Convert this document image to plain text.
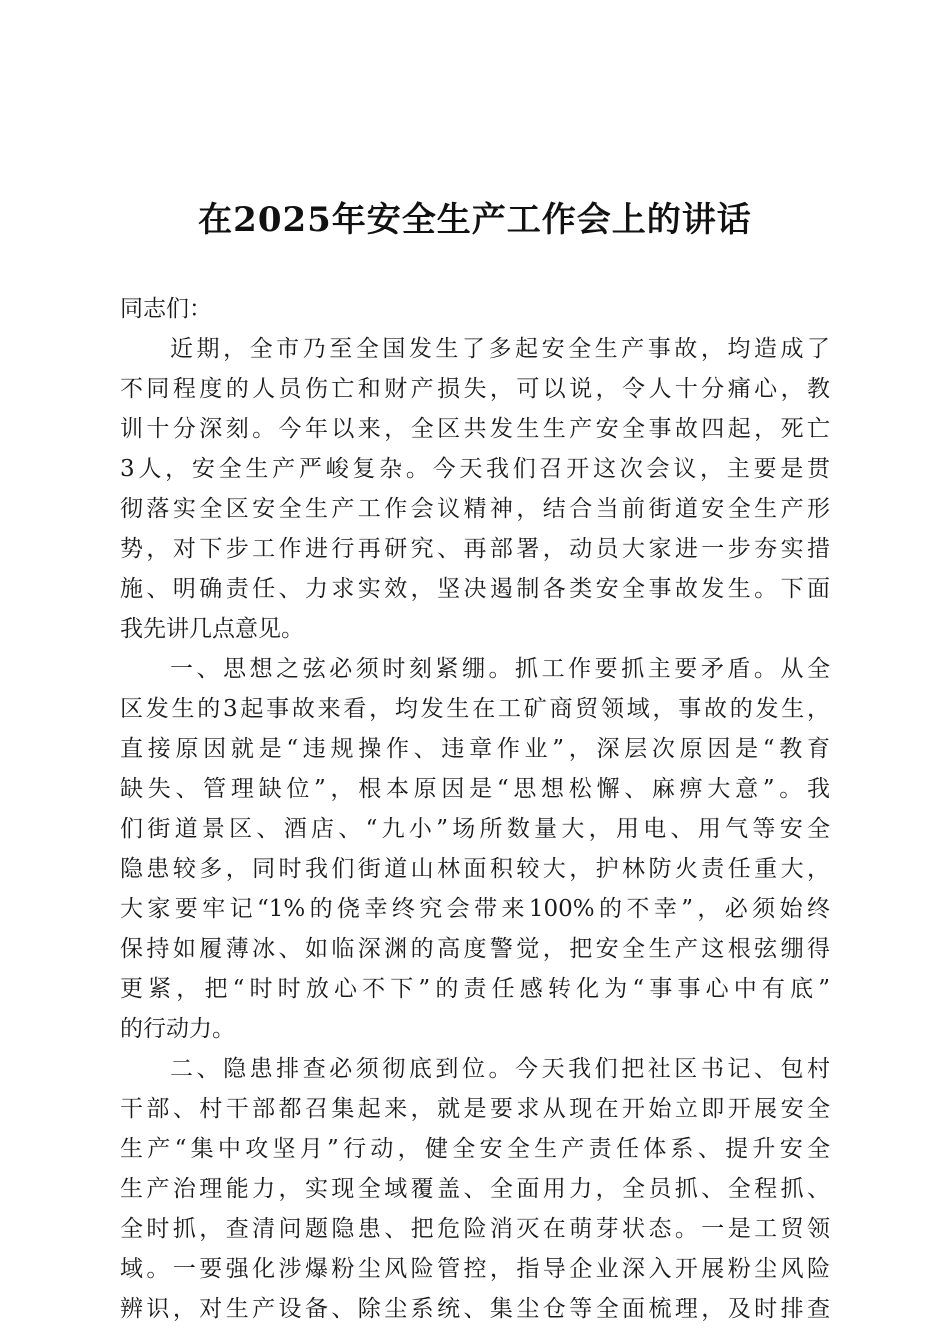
在2025年安全生产工作会上的讲话
同志们：
近期，全市乃至全国发生了多起安全生产事故，均造成了
不同程度的人员伤亡和财产损失，可以说，令人十分痛心，教
训十分深刻。今年以来，全区共发生生产安全事故四起，死亡
3人，安全生产严峻复杂。今天我们召开这次会议，主要是贯
彻落实全区安全生产工作会议精神，结合当前街道安全生产形
势，对下步工作进行再研究、再部署，动员大家进一步夯实措
施、明确责任、力求实效，坚决遏制各类安全事故发生。下面
我先讲几点意见。
一、思想之弦必须时刻紧绷。抓工作要抓主要矛盾。从全
区发生的3起事故来看，均发生在工矿商贸领域，事故的发生，
直接原因就是“违规操作、违章作业”，深层次原因是“教育
缺失、管理缺位”，根本原因是“思想松懈、麻痹大意”。我
们街道景区、酒店、“九小”场所数量大，用电、用气等安全
隐患较多，同时我们街道山林面积较大，护林防火责任重大，
大家要牢记“1%的侥幸终究会带来100%的不幸”，必须始终
保持如履薄冰、如临深渊的高度警觉，把安全生产这根弦绷得
更紧，把“时时放心不下”的责任感转化为“事事心中有底”
的行动力。
二、隐患排查必须彻底到位。今天我们把社区书记、包村
干部、村干部都召集起来，就是要求从现在开始立即开展安全
生产“集中攻坚月”行动，健全安全生产责任体系、提升安全
生产治理能力，实现全域覆盖、全面用力，全员抓、全程抓、
全时抓，查清问题隐患、把危险消灭在萌芽状态。一是工贸领
域。一要强化涉爆粉尘风险管控，指导企业深入开展粉尘风险
辨识，对生产设备、除尘系统、集尘仓等全面梳理，及时排查
